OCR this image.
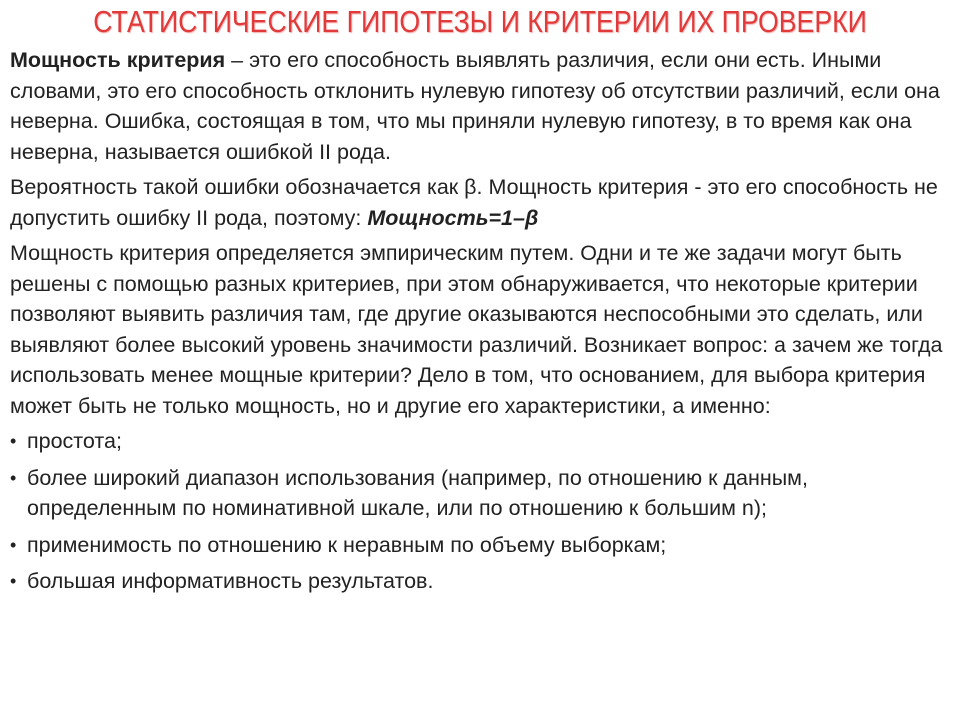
СТАТИСТИЧЕСКИЕ ГИПОТЕЗЫ И КРИТЕРИИ ИХ ПРОВЕРКИ

Мощность критерия – это его способность выявлять различия, если они есть. Иными словами, это его способность отклонить нулевую гипотезу об отсутствии различий, если она неверна. Ошибка, состоящая в том, что мы приняли нулевую гипотезу, в то время как она неверна, называется ошибкой II рода.

Вероятность такой ошибки обозначается как β. Мощность критерия - это его способность не допустить ошибку II рода, поэтому: Мощность=1–β

Мощность критерия определяется эмпирическим путем. Одни и те же задачи могут быть решены с помощью разных критериев, при этом обнаруживается, что некоторые критерии позволяют выявить различия там, где другие оказываются неспособными это сделать, или выявляют более высокий уровень значимости различий. Возникает вопрос: а зачем же тогда использовать менее мощные критерии? Дело в том, что основанием, для выбора критерия может быть не только мощность, но и другие его характеристики, а именно:

• простота;
• более широкий диапазон использования (например, по отношению к данным, определенным по номинативной шкале, или по отношению к большим n);
• применимость по отношению к неравным по объему выборкам;
• большая информативность результатов.
